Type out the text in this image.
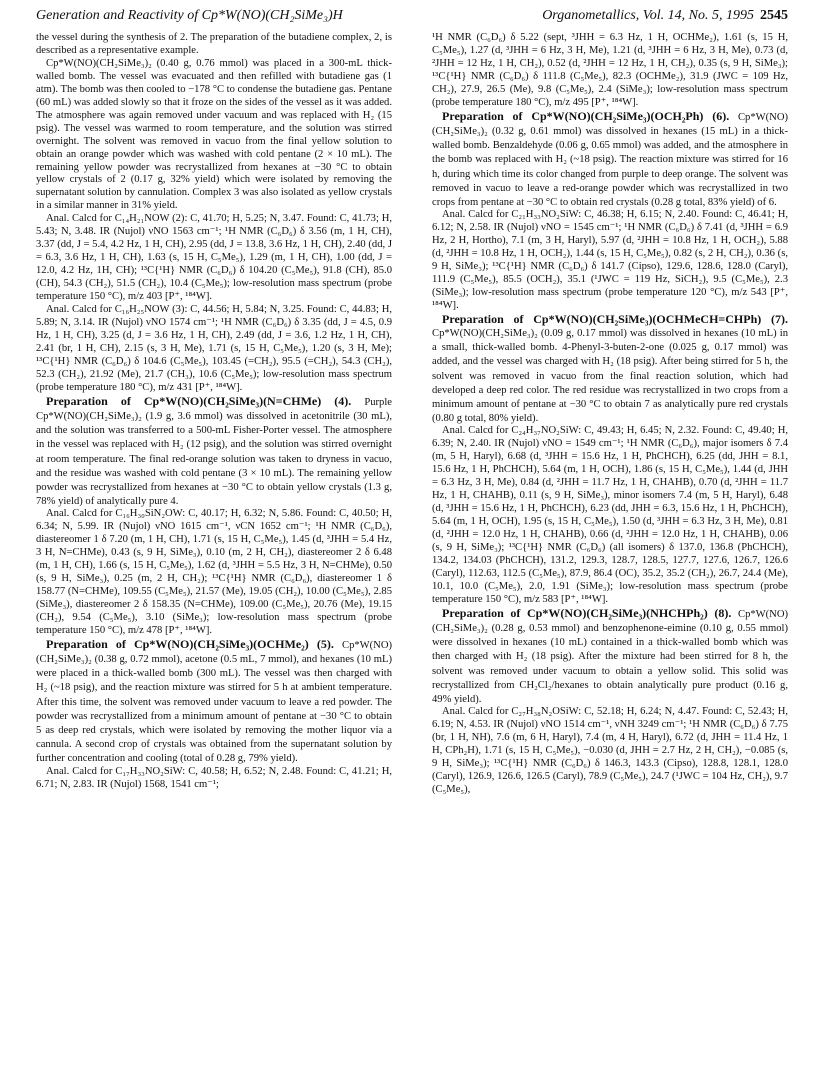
Generation and Reactivity of Cp*W(NO)(CH₂SiMe₃)H	Organometallics, Vol. 14, No. 5, 1995 2545

the vessel during the synthesis of 2. The preparation of the butadiene complex, 2, is described as a representative example.

Cp*W(NO)(CH₂SiMe₃)₂ (0.40 g, 0.76 mmol) was placed in a 300-mL thick-walled bomb. The vessel was evacuated and then refilled with butadiene gas (1 atm). The bomb was then cooled to −178 °C to condense the butadiene gas. Pentane (60 mL) was added slowly so that it froze on the sides of the vessel as it was added. The atmosphere was again removed under vacuum and was replaced with H₂ (15 psig). The vessel was warmed to room temperature, and the solution was stirred overnight. The solvent was removed in vacuo from the final yellow solution to obtain an orange powder which was washed with cold pentane (2 × 10 mL). The remaining yellow powder was recrystallized from hexanes at −30 °C to obtain yellow crystals of 2 (0.17 g, 32% yield) which were isolated by removing the supernatant solution by cannulation. Complex 3 was also isolated as yellow crystals in a similar manner in 31% yield.

Anal. Calcd for C₁₄H₂₁NOW (2): C, 41.70; H, 5.25; N, 3.47. Found: C, 41.73; H, 5.43; N, 3.48. IR (Nujol) νNO 1563 cm⁻¹; ¹H NMR (C₆D₆) δ 3.56 (m, 1 H, CH), 3.37 (dd, J = 5.4, 4.2 Hz, 1 H, CH), 2.95 (dd, J = 13.8, 3.6 Hz, 1 H, CH), 2.40 (dd, J = 6.3, 3.6 Hz, 1 H, CH), 1.63 (s, 15 H, C₅Me₅), 1.29 (m, 1 H, CH), 1.00 (dd, J = 12.0, 4.2 Hz, 1H, CH); ¹³C{¹H} NMR (C₆D₆) δ 104.20 (C₅Me₅), 91.8 (CH), 85.0 (CH), 54.3 (CH₂), 51.5 (CH₂), 10.4 (C₅Me₅); low-resolution mass spectrum (probe temperature 150 °C), m/z 403 [P⁺, ¹⁸⁴W].

Anal. Calcd for C₁₆H₂₅NOW (3): C, 44.56; H, 5.84; N, 3.25. Found: C, 44.83; H, 5.89; N, 3.14. IR (Nujol) νNO 1574 cm⁻¹; ¹H NMR (C₆D₆) δ 3.35 (dd, J = 4.5, 0.9 Hz, 1 H, CH), 3.25 (d, J = 3.6 Hz, 1 H, CH), 2.49 (dd, J = 3.6, 1.2 Hz, 1 H, CH), 2.41 (br, 1 H, CH), 2.15 (s, 3 H, Me), 1.71 (s, 15 H, C₅Me₅), 1.20 (s, 3 H, Me); ¹³C{¹H} NMR (C₆D₆) δ 104.6 (C₅Me₅), 103.45 (=CH₂), 95.5 (=CH₂), 54.3 (CH₂), 52.3 (CH₂), 21.92 (Me), 21.7 (CH₃), 10.6 (C₅Me₅); low-resolution mass spectrum (probe temperature 180 °C), m/z 431 [P⁺, ¹⁸⁴W].

Preparation of Cp*W(NO)(CH₂SiMe₃)(N=CHMe) (4). Purple Cp*W(NO)(CH₂SiMe₃)₂ (1.9 g, 3.6 mmol) was dissolved in acetonitrile (30 mL), and the solution was transferred to a 500-mL Fisher-Porter vessel. The atmosphere in the vessel was replaced with H₂ (12 psig), and the solution was stirred overnight at room temperature. The final red-orange solution was taken to dryness in vacuo, and the residue was washed with cold pentane (3 × 10 mL). The remaining yellow powder was recrystallized from hexanes at −30 °C to obtain yellow crystals (1.3 g, 78% yield) of analytically pure 4.

Anal. Calcd for C₁₆H₃₀SiN₂OW: C, 40.17; H, 6.32; N, 5.86. Found: C, 40.50; H, 6.34; N, 5.99. IR (Nujol) νNO 1615 cm⁻¹, νCN 1652 cm⁻¹; ¹H NMR (C₆D₆), diastereomer 1 δ 7.20 (m, 1 H, CH), 1.71 (s, 15 H, C₅Me₅), 1.45 (d, ³JHH = 5.4 Hz, 3 H, N=CHMe), 0.43 (s, 9 H, SiMe₃), 0.10 (m, 2 H, CH₂), diastereomer 2 δ 6.48 (m, 1 H, CH), 1.66 (s, 15 H, C₅Me₅), 1.62 (d, ³JHH = 5.5 Hz, 3 H, N=CHMe), 0.50 (s, 9 H, SiMe₃), 0.25 (m, 2 H, CH₂); ¹³C{¹H} NMR (C₆D₆), diastereomer 1 δ 158.77 (N=CHMe), 109.55 (C₅Me₅), 21.57 (Me), 19.05 (CH₂), 10.00 (C₅Me₅), 2.85 (SiMe₃), diastereomer 2 δ 158.35 (N=CHMe), 109.00 (C₅Me₅), 20.76 (Me), 19.15 (CH₂), 9.54 (C₅Me₅), 3.10 (SiMe₃); low-resolution mass spectrum (probe temperature 150 °C), m/z 478 [P⁺, ¹⁸⁴W].

Preparation of Cp*W(NO)(CH₂SiMe₃)(OCHMe₂) (5). Cp*W(NO)(CH₂SiMe₃)₂ (0.38 g, 0.72 mmol), acetone (0.5 mL, 7 mmol), and hexanes (10 mL) were placed in a thick-walled bomb (300 mL). The vessel was then charged with H₂ (~18 psig), and the reaction mixture was stirred for 5 h at ambient temperature. After this time, the solvent was removed under vacuum to leave a red powder. The powder was recrystallized from a minimum amount of pentane at −30 °C to obtain 5 as deep red crystals, which were isolated by removing the mother liquor via a cannula. A second crop of crystals was obtained from the supernatant solution by further concentration and cooling (total of 0.28 g, 79% yield).

Anal. Calcd for C₁₇H₃₃NO₂SiW: C, 40.58; H, 6.52; N, 2.48. Found: C, 41.21; H, 6.71; N, 2.83. IR (Nujol) 1568, 1541 cm⁻¹;

¹H NMR (C₆D₆) δ 5.22 (sept, ³JHH = 6.3 Hz, 1 H, OCHMe₂), 1.61 (s, 15 H, C₅Me₅), 1.27 (d, ³JHH = 6 Hz, 3 H, Me), 1.21 (d, ³JHH = 6 Hz, 3 H, Me), 0.73 (d, ²JHH = 12 Hz, 1 H, CH₂), 0.52 (d, ²JHH = 12 Hz, 1 H, CH₂), 0.35 (s, 9 H, SiMe₃); ¹³C{¹H} NMR (C₆D₆) δ 111.8 (C₅Me₅), 82.3 (OCHMe₂), 31.9 (JWC = 109 Hz, CH₂), 27.9, 26.5 (Me), 9.8 (C₅Me₅), 2.4 (SiMe₃); low-resolution mass spectrum (probe temperature 180 °C), m/z 495 [P⁺, ¹⁸⁴W].

Preparation of Cp*W(NO)(CH₂SiMe₃)(OCH₂Ph) (6). Cp*W(NO)(CH₂SiMe₃)₂ (0.32 g, 0.61 mmol) was dissolved in hexanes (15 mL) in a thick-walled bomb. Benzaldehyde (0.06 g, 0.65 mmol) was added, and the atmosphere in the bomb was replaced with H₂ (~18 psig). The reaction mixture was stirred for 16 h, during which time its color changed from purple to deep orange. The solvent was removed in vacuo to leave a red-orange powder which was recrystallized in two crops from pentane at −30 °C to obtain red crystals (0.28 g total, 83% yield) of 6.

Anal. Calcd for C₂₁H₃₃NO₂SiW: C, 46.38; H, 6.15; N, 2.40. Found: C, 46.41; H, 6.12; N, 2.58. IR (Nujol) νNO = 1545 cm⁻¹; ¹H NMR (C₆D₆) δ 7.41 (d, ³JHH = 6.9 Hz, 2 H, Hortho), 7.1 (m, 3 H, Haryl), 5.97 (d, ²JHH = 10.8 Hz, 1 H, OCH₂), 5.88 (d, ²JHH = 10.8 Hz, 1 H, OCH₂), 1.44 (s, 15 H, C₅Me₅), 0.82 (s, 2 H, CH₂), 0.36 (s, 9 H, SiMe₃); ¹³C{¹H} NMR (C₆D₆) δ 141.7 (Cipso), 129.6, 128.6, 128.0 (Caryl), 111.9 (C₅Me₅), 85.5 (OCH₂), 35.1 (¹JWC = 119 Hz, SiCH₂), 9.5 (C₅Me₅), 2.3 (SiMe₃); low-resolution mass spectrum (probe temperature 120 °C), m/z 543 [P⁺, ¹⁸⁴W].

Preparation of Cp*W(NO)(CH₂SiMe₃)(OCHMeCH=CHPh) (7). Cp*W(NO)(CH₂SiMe₃)₂ (0.09 g, 0.17 mmol) was dissolved in hexanes (10 mL) in a small, thick-walled bomb. 4-Phenyl-3-buten-2-one (0.025 g, 0.17 mmol) was added, and the vessel was charged with H₂ (18 psig). After being stirred for 5 h, the solvent was removed in vacuo from the final reaction solution, which had developed a deep red color. The red residue was recrystallized in two crops from a minimum amount of pentane at −30 °C to obtain 7 as analytically pure red crystals (0.80 g total, 80% yield).

Anal. Calcd for C₂₄H₃₇NO₂SiW: C, 49.43; H, 6.45; N, 2.32. Found: C, 49.40; H, 6.39; N, 2.40. IR (Nujol) νNO = 1549 cm⁻¹; ¹H NMR (C₆D₆), major isomers δ 7.4 (m, 5 H, Haryl), 6.68 (d, ³JHH = 15.6 Hz, 1 H, PhCHCH), 6.25 (dd, JHH = 8.1, 15.6 Hz, 1 H, PhCHCH), 5.64 (m, 1 H, OCH), 1.86 (s, 15 H, C₅Me₅), 1.44 (d, JHH = 6.3 Hz, 3 H, Me), 0.84 (d, ²JHH = 11.7 Hz, 1 H, CHAHB), 0.70 (d, ²JHH = 11.7 Hz, 1 H, CHAHB), 0.11 (s, 9 H, SiMe₃), minor isomers 7.4 (m, 5 H, Haryl), 6.48 (d, ³JHH = 15.6 Hz, 1 H, PhCHCH), 6.23 (dd, JHH = 6.3, 15.6 Hz, 1 H, PhCHCH), 5.64 (m, 1 H, OCH), 1.95 (s, 15 H, C₅Me₅), 1.50 (d, ³JHH = 6.3 Hz, 3 H, Me), 0.81 (d, ²JHH = 12.0 Hz, 1 H, CHAHB), 0.66 (d, ²JHH = 12.0 Hz, 1 H, CHAHB), 0.06 (s, 9 H, SiMe₃); ¹³C{¹H} NMR (C₆D₆) (all isomers) δ 137.0, 136.8 (PhCHCH), 134.2, 134.03 (PhCHCH), 131.2, 129.3, 128.7, 128.5, 127.7, 127.6, 126.7, 126.6 (Caryl), 112.63, 112.5 (C₅Me₅), 87.9, 86.4 (OC), 35.2, 35.2 (CH₂), 26.7, 24.4 (Me), 10.1, 10.0 (C₅Me₅), 2.0, 1.91 (SiMe₃); low-resolution mass spectrum (probe temperature 150 °C), m/z 583 [P⁺, ¹⁸⁴W].

Preparation of Cp*W(NO)(CH₂SiMe₃)(NHCHPh₂) (8). Cp*W(NO)(CH₂SiMe₃)₂ (0.28 g, 0.53 mmol) and benzophenone-eimine (0.10 g, 0.55 mmol) were dissolved in hexanes (10 mL) contained in a thick-walled bomb which was then charged with H₂ (18 psig). After the mixture had been stirred for 8 h, the solvent was removed under vacuum to obtain a yellow solid. This solid was recrystallized from CH₂Cl₂/hexanes to obtain analytically pure product (0.16 g, 49% yield).

Anal. Calcd for C₂₇H₃₈N₂OSiW: C, 52.18; H, 6.24; N, 4.47. Found: C, 52.43; H, 6.19; N, 4.53. IR (Nujol) νNO 1514 cm⁻¹, νNH 3249 cm⁻¹; ¹H NMR (C₆D₆) δ 7.75 (br, 1 H, NH), 7.6 (m, 6 H, Haryl), 7.4 (m, 4 H, Haryl), 6.72 (d, JHH = 11.4 Hz, 1 H, CPh₂H), 1.71 (s, 15 H, C₅Me₅), −0.030 (d, JHH = 2.7 Hz, 2 H, CH₂), −0.085 (s, 9 H, SiMe₃); ¹³C{¹H} NMR (C₆D₆) δ 146.3, 143.3 (Cipso), 128.8, 128.1, 128.0 (Caryl), 126.9, 126.6, 126.5 (Caryl), 78.9 (C₅Me₅), 24.7 (¹JWC = 104 Hz, CH₂), 9.7 (C₅Me₅),
